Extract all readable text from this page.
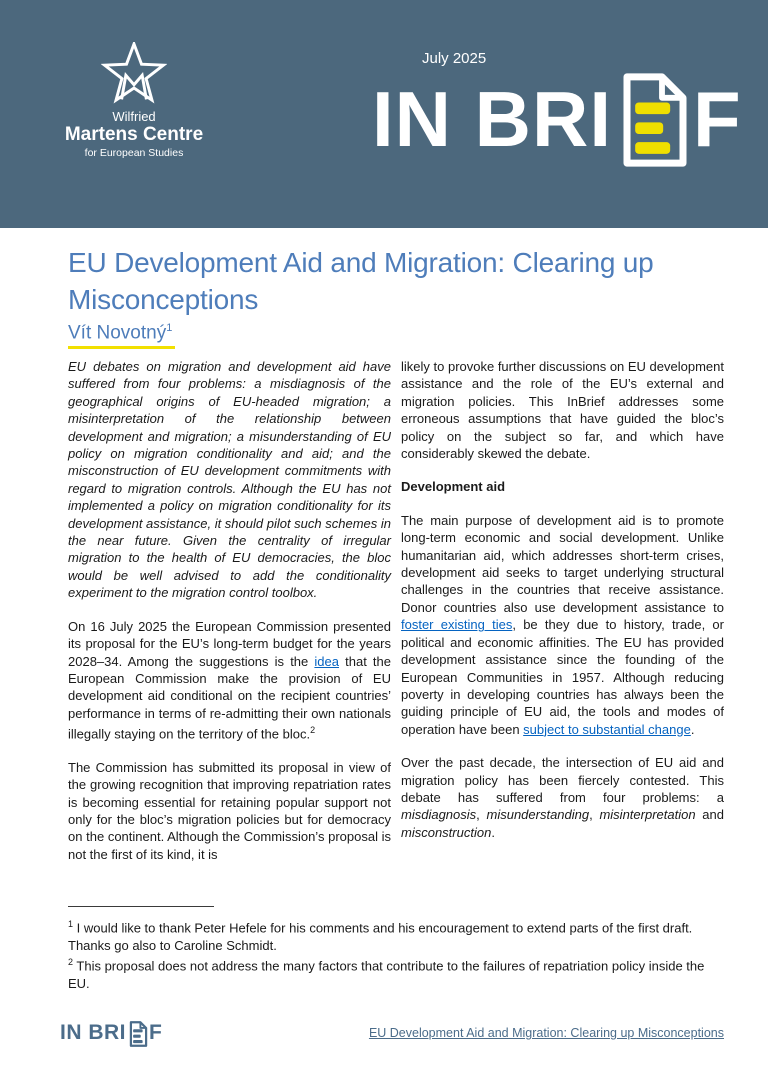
Wilfried
Martens Centre
for European Studies
July 2025
IN BRI F
EU Development Aid and Migration: Clearing up Misconceptions
Vít Novotný$^1$

EU debates on migration and development aid have suffered from four problems: a misdiagnosis of the geographical origins of EU-headed migration; a misinterpretation of the relationship between development and migration; a misunderstanding of EU policy on migration conditionality and aid; and the misconstruction of EU development commitments with regard to migration controls. Although the EU has not implemented a policy on migration conditionality for its development assistance, it should pilot such schemes in the near future. Given the centrality of irregular migration to the health of EU democracies, the bloc would be well advised to add the conditionality experiment to the migration control toolbox.

On 16 July 2025 the European Commission presented its proposal for the EU’s long-term budget for the years 2028–34. Among the suggestions is the idea that the European Commission make the provision of EU development aid conditional on the recipient countries’ performance in terms of re-admitting their own nationals illegally staying on the territory of the bloc.$^2$

The Commission has submitted its proposal in view of the growing recognition that improving repatriation rates is becoming essential for retaining popular support not only for the bloc’s migration policies but for democracy on the continent. Although the Commission’s proposal is not the first of its kind, it is

likely to provoke further discussions on EU development assistance and the role of the EU’s external and migration policies. This InBrief addresses some erroneous assumptions that have guided the bloc’s policy on the subject so far, and which have considerably skewed the debate.

Development aid

The main purpose of development aid is to promote long-term economic and social development. Unlike humanitarian aid, which addresses short-term crises, development aid seeks to target underlying structural challenges in the countries that receive assistance. Donor countries also use development assistance to foster existing ties, be they due to history, trade, or political and economic affinities. The EU has provided development assistance since the founding of the European Communities in 1957. Although reducing poverty in developing countries has always been the guiding principle of EU aid, the tools and modes of operation have been subject to substantial change.

Over the past decade, the intersection of EU aid and migration policy has been fiercely contested. This debate has suffered from four problems: a misdiagnosis, misunderstanding, misinterpretation and misconstruction.

$^1$ I would like to thank Peter Hefele for his comments and his encouragement to extend parts of the first draft. Thanks go also to Caroline Schmidt.

$^2$ This proposal does not address the many factors that contribute to the failures of repatriation policy inside the EU.

IN BRI F	EU Development Aid and Migration: Clearing up Misconceptions
